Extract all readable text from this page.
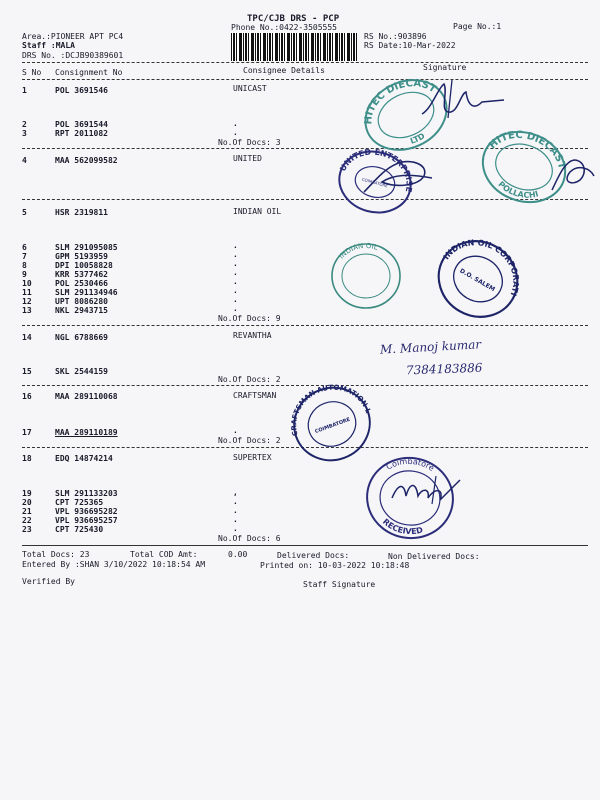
TPC/CJB DRS - PCP
Phone No.:0422-3505555	Page No.:1
Area.:PIONEER APT PC4
Staff :MALA
DRS No. :DCJB90389601
RS No.:903896
RS Date:10-Mar-2022
S No Consignment No	Consignee Details	Signature
1	POL 3691546	UNICAST
2	POL 3691544	.
3	RPT 2011082	.
No.Of Docs: 3
4	MAA 562099582	UNITED
5	HSR 2319811	INDIAN OIL
6	SLM 291095085	.
7	GPM 5193959	.
8	DPI 10058828	.
9	KRR 5377462	.
10	POL 2530466	.
11	SLM 291134946	.
12	UPT 8086280	.
13	NKL 2943715	.
No.Of Docs: 9
14	NGL 6788669	REVANTHA
15	SKL 2544159
No.Of Docs: 2
16	MAA 289110068	CRAFTSMAN
17	MAA 289110189	.
No.Of Docs: 2
18	EDQ 14874214	SUPERTEX
19	SLM 291133203	,
20	CPT 725365	.
21	VPL 936695282	.
22	VPL 936695257	.
23	CPT 725430	.
No.Of Docs: 6
Total Docs: 23	Total COD Amt:	0.00	Delivered Docs:	Non Delivered Docs:
Entered By :SHAN 3/10/2022 10:18:54 AM	Printed on: 10-03-2022 10:18:48
Verified By	Staff Signature
M. Manoj kumar
7384183886
HITEC DIECAST
LTD
HITEC DIECAST
POLLACHI
UNITED ENTERPRISES
COIMBATORE
INDIAN OIL
INDIAN OIL CORPORATION LTD
D.O. SALEM
CRAFTSMAN AUTOMATION LIMITED
COIMBATORE
Coimbatore
RECEIVED
